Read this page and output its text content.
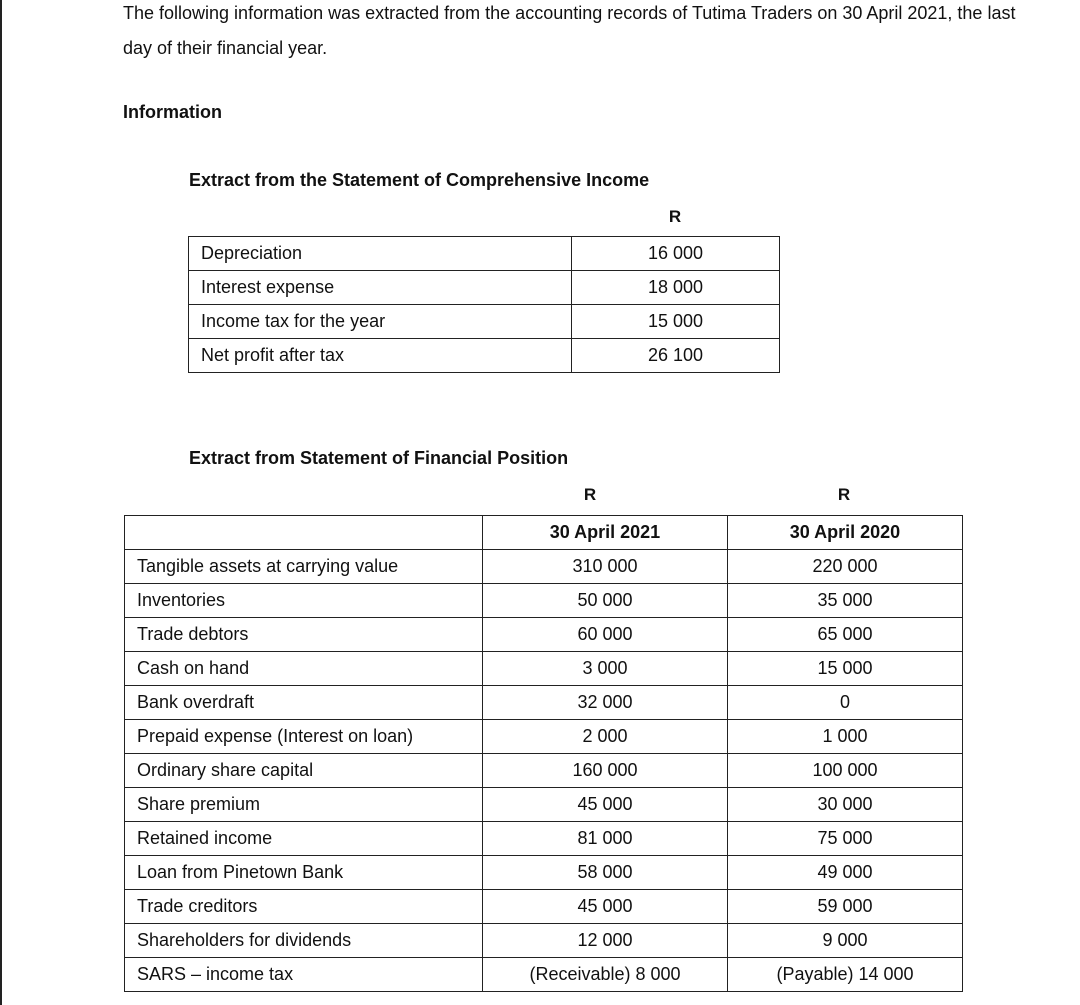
The following information was extracted from the accounting records of Tutima Traders on 30 April 2021, the last day of their financial year.

Information
Extract from the Statement of Comprehensive Income
R
Depreciation	16 000
Interest expense	18 000
Income tax for the year	15 000
Net profit after tax	26 100
Extract from Statement of Financial Position
R	R
	30 April 2021	30 April 2020
Tangible assets at carrying value	310 000	220 000
Inventories	50 000	35 000
Trade debtors	60 000	65 000
Cash on hand	3 000	15 000
Bank overdraft	32 000	0
Prepaid expense (Interest on loan)	2 000	1 000
Ordinary share capital	160 000	100 000
Share premium	45 000	30 000
Retained income	81 000	75 000
Loan from Pinetown Bank	58 000	49 000
Trade creditors	45 000	59 000
Shareholders for dividends	12 000	9 000
SARS – income tax	(Receivable) 8 000	(Payable) 14 000
